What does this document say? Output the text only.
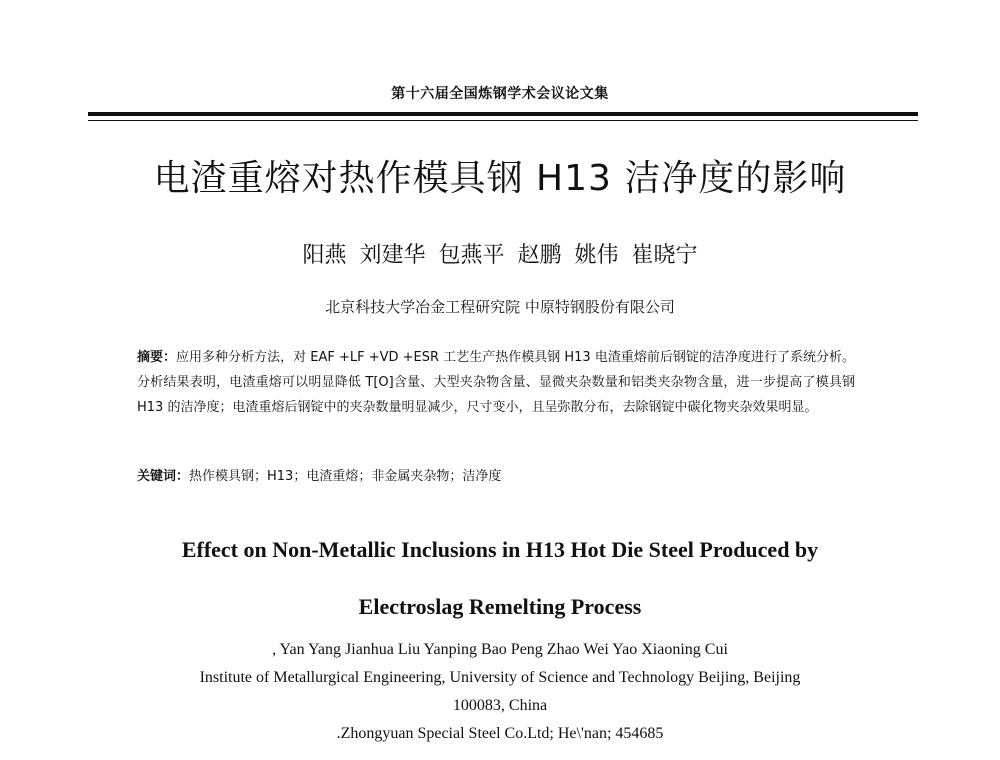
第十六届全国炼钢学术会议论文集
电渣重熔对热作模具钢 H13 洁净度的影响
阳燕 刘建华 包燕平 赵鹏 姚伟 崔晓宁
北京科技大学冶金工程研究院 中原特钢股份有限公司
摘要：应用多种分析方法，对 EAF +LF +VD +ESR 工艺生产热作模具钢 H13 电渣重熔前后钢锭的洁净度进行了系统分析。分析结果表明，电渣重熔可以明显降低 T[O]含量、大型夹杂物含量、显微夹杂数量和铝类夹杂物含量，进一步提高了模具钢 H13 的洁净度；电渣重熔后钢锭中的夹杂数量明显减少，尺寸变小，且呈弥散分布，去除钢锭中碳化物夹杂效果明显。
关键词：热作模具钢；H13；电渣重熔；非金属夹杂物；洁净度
Effect on Non-Metallic Inclusions in H13 Hot Die Steel Produced by
Electroslag Remelting Process
, Yan Yang Jianhua Liu Yanping Bao Peng Zhao Wei Yao Xiaoning Cui
Institute of Metallurgical Engineering, University of Science and Technology Beijing, Beijing
100083, China
.Zhongyuan Special Steel Co.Ltd; He\'nan; 454685
